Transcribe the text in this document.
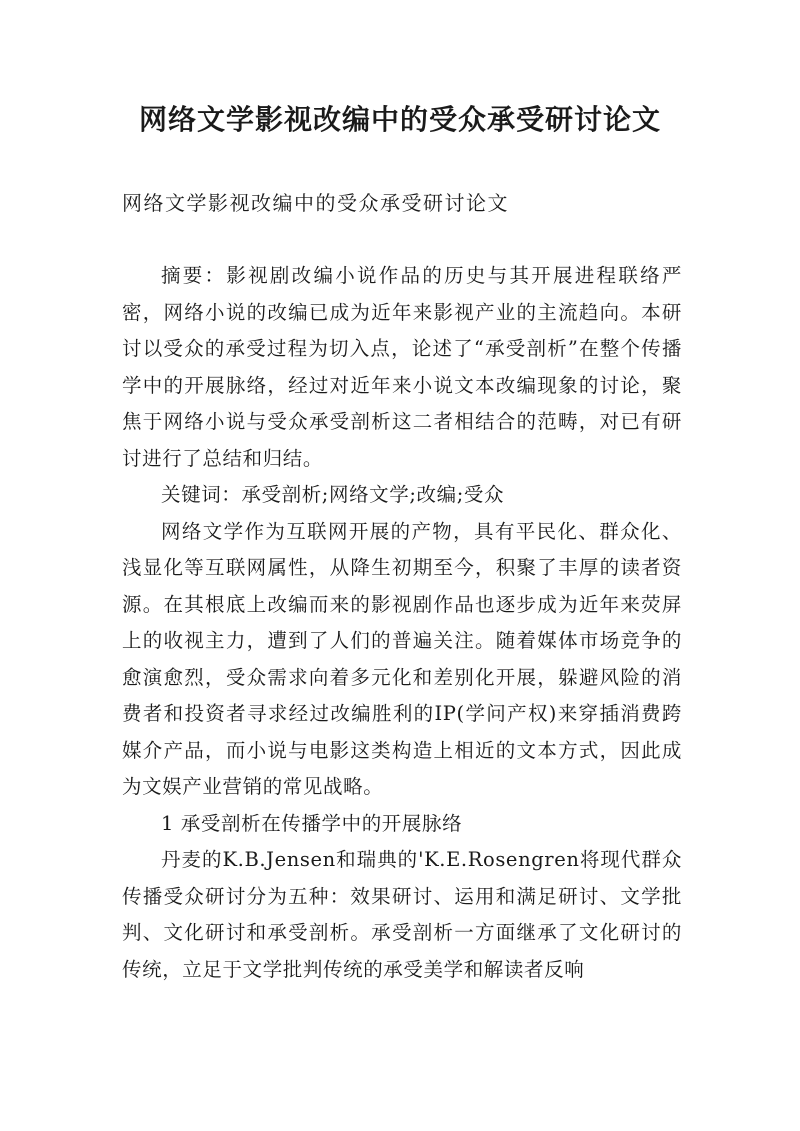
网络文学影视改编中的受众承受研讨论文
网络文学影视改编中的受众承受研讨论文

摘要：影视剧改编小说作品的历史与其开展进程联络严密，网络小说的改编已成为近年来影视产业的主流趋向。本研讨以受众的承受过程为切入点，论述了“承受剖析”在整个传播学中的开展脉络，经过对近年来小说文本改编现象的讨论，聚焦于网络小说与受众承受剖析这二者相结合的范畴，对已有研讨进行了总结和归结。

关键词：承受剖析;网络文学;改编;受众

网络文学作为互联网开展的产物，具有平民化、群众化、浅显化等互联网属性，从降生初期至今，积聚了丰厚的读者资源。在其根底上改编而来的影视剧作品也逐步成为近年来荧屏上的收视主力，遭到了人们的普遍关注。随着媒体市场竞争的愈演愈烈，受众需求向着多元化和差别化开展，躲避风险的消费者和投资者寻求经过改编胜利的IP(学问产权)来穿插消费跨媒介产品，而小说与电影这类构造上相近的文本方式，因此成为文娱产业营销的常见战略。

1 承受剖析在传播学中的开展脉络

丹麦的K.B.Jensen和瑞典的'K.E.Rosengren将现代群众传播受众研讨分为五种：效果研讨、运用和满足研讨、文学批判、文化研讨和承受剖析。承受剖析一方面继承了文化研讨的传统，立足于文学批判传统的承受美学和解读者反响
